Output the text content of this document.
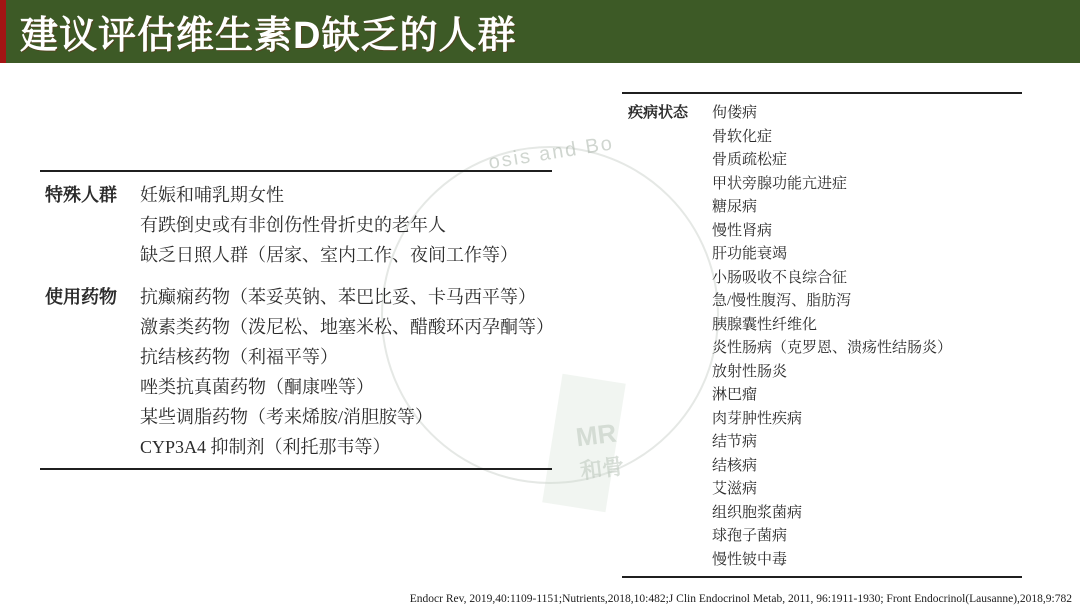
建议评估维生素D缺乏的人群
osis and Bo
MR
和骨
特殊人群	妊娠和哺乳期女性
有跌倒史或有非创伤性骨折史的老年人
缺乏日照人群（居家、室内工作、夜间工作等）
使用药物	抗癫痫药物（苯妥英钠、苯巴比妥、卡马西平等）
激素类药物（泼尼松、地塞米松、醋酸环丙孕酮等）
抗结核药物（利福平等）
唑类抗真菌药物（酮康唑等）
某些调脂药物（考来烯胺/消胆胺等）
CYP3A4 抑制剂（利托那韦等）
疾病状态	佝偻病
骨软化症
骨质疏松症
甲状旁腺功能亢进症
糖尿病
慢性肾病
肝功能衰竭
小肠吸收不良综合征
急/慢性腹泻、脂肪泻
胰腺囊性纤维化
炎性肠病（克罗恩、溃疡性结肠炎）
放射性肠炎
淋巴瘤
肉芽肿性疾病
结节病
结核病
艾滋病
组织胞浆菌病
球孢子菌病
慢性铍中毒
Endocr Rev, 2019,40:1109-1151;Nutrients,2018,10:482;J Clin Endocrinol Metab, 2011, 96:1911-1930; Front Endocrinol(Lausanne),2018,9:782
